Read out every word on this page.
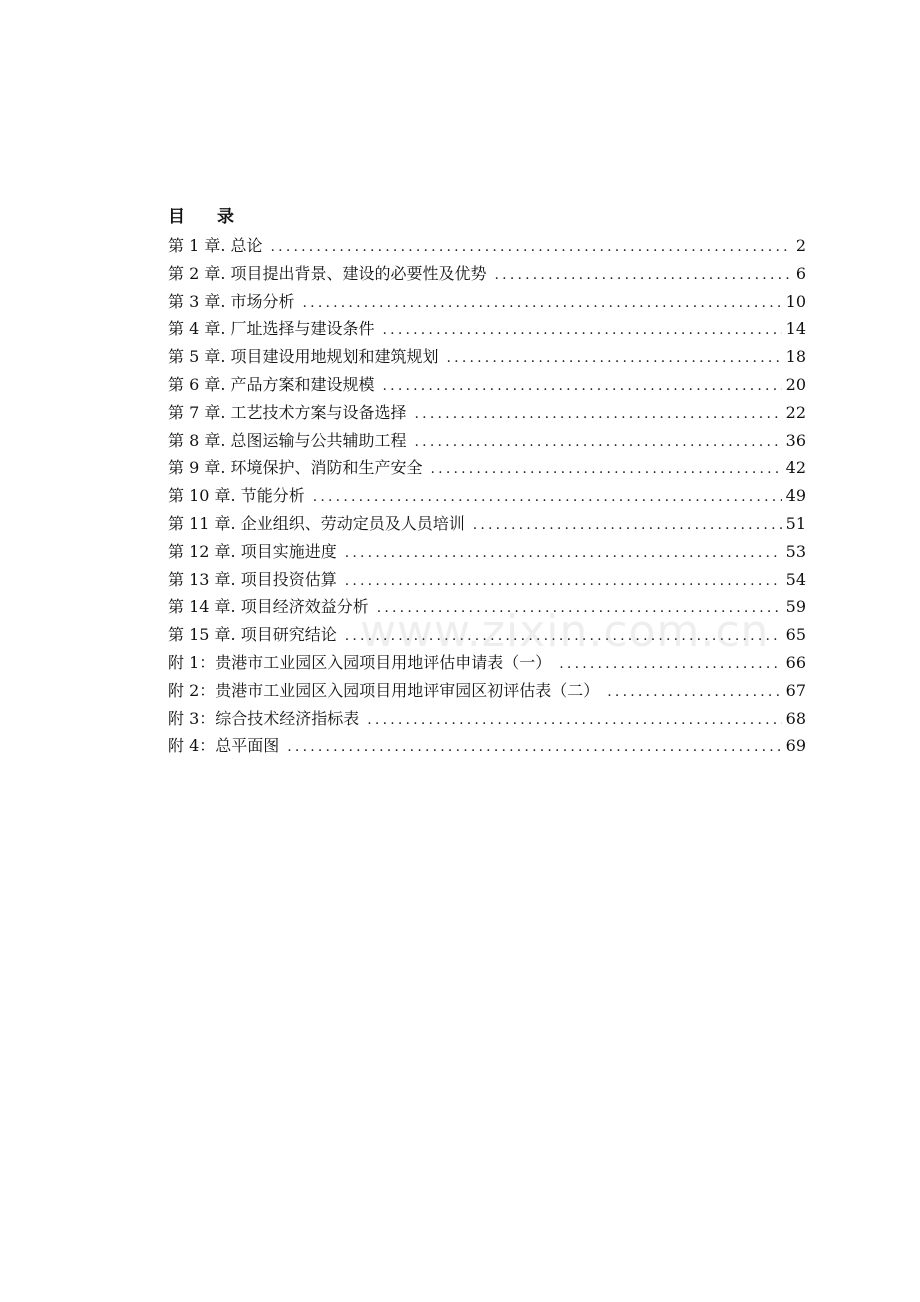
目 录
第 1 章. 总论 .....	2
第 2 章. 项目提出背景、建设的必要性及优势 .....	6
第 3 章. 市场分析 .....	10
第 4 章. 厂址选择与建设条件 .....	14
第 5 章. 项目建设用地规划和建筑规划 .....	18
第 6 章. 产品方案和建设规模 .....	20
第 7 章. 工艺技术方案与设备选择 .....	22
第 8 章. 总图运输与公共辅助工程 .....	36
第 9 章. 环境保护、消防和生产安全 .....	42
第 10 章. 节能分析 .....	49
第 11 章. 企业组织、劳动定员及人员培训 .....	51
第 12 章. 项目实施进度 .....	53
第 13 章. 项目投资估算 .....	54
第 14 章. 项目经济效益分析 .....	59
第 15 章. 项目研究结论 .....	65
附 1：贵港市工业园区入园项目用地评估申请表（一） .....	66
附 2：贵港市工业园区入园项目用地评审园区初评估表（二） .....	67
附 3：综合技术经济指标表 .....	68
附 4：总平面图 .....	69
www.zixin.com.cn
